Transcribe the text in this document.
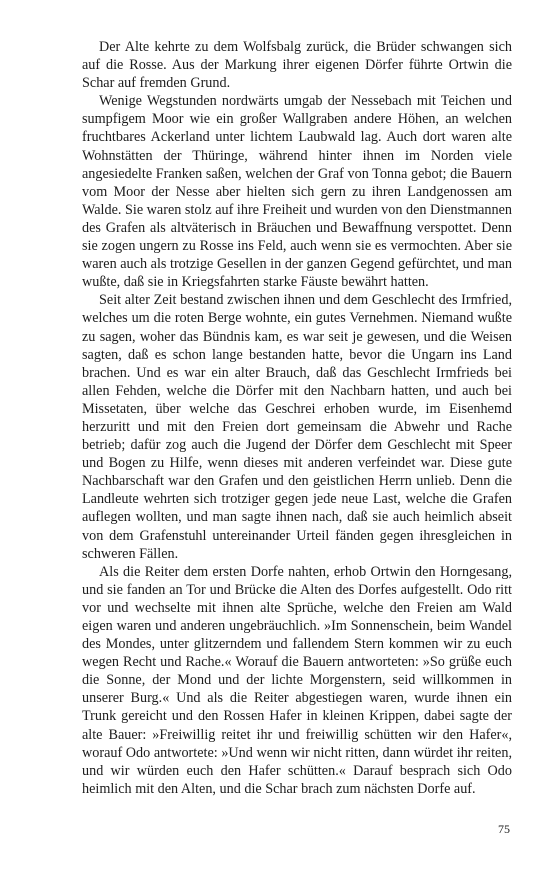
Der Alte kehrte zu dem Wolfsbalg zurück, die Brüder schwangen sich auf die Rosse. Aus der Markung ihrer eigenen Dörfer führte Ortwin die Schar auf fremden Grund.

Wenige Wegstunden nordwärts umgab der Nessebach mit Teichen und sumpfigem Moor wie ein großer Wallgraben andere Höhen, an welchen fruchtbares Ackerland unter lichtem Laubwald lag. Auch dort waren alte Wohnstätten der Thüringe, während hinter ihnen im Norden viele angesiedelte Franken saßen, welchen der Graf von Tonna gebot; die Bauern vom Moor der Nesse aber hielten sich gern zu ihren Landgenossen am Walde. Sie waren stolz auf ihre Freiheit und wurden von den Dienstmannen des Grafen als altväterisch in Bräuchen und Bewaffnung verspottet. Denn sie zogen ungern zu Rosse ins Feld, auch wenn sie es vermochten. Aber sie waren auch als trotzige Gesellen in der ganzen Gegend gefürchtet, und man wußte, daß sie in Kriegsfahrten starke Fäuste bewährt hatten.

Seit alter Zeit bestand zwischen ihnen und dem Geschlecht des Irmfried, welches um die roten Berge wohnte, ein gutes Vernehmen. Niemand wußte zu sagen, woher das Bündnis kam, es war seit je gewesen, und die Weisen sagten, daß es schon lange bestanden hatte, bevor die Ungarn ins Land brachen. Und es war ein alter Brauch, daß das Geschlecht Irmfrieds bei allen Fehden, welche die Dörfer mit den Nachbarn hatten, und auch bei Missetaten, über welche das Geschrei erhoben wurde, im Eisenhemd herzuritt und mit den Freien dort gemeinsam die Abwehr und Rache betrieb; dafür zog auch die Jugend der Dörfer dem Geschlecht mit Speer und Bogen zu Hilfe, wenn dieses mit anderen verfeindet war. Diese gute Nachbarschaft war den Grafen und den geistlichen Herrn unlieb. Denn die Landleute wehrten sich trotziger gegen jede neue Last, welche die Grafen auflegen wollten, und man sagte ihnen nach, daß sie auch heimlich abseit von dem Grafenstuhl untereinander Urteil fänden gegen ihresgleichen in schweren Fällen.

Als die Reiter dem ersten Dorfe nahten, erhob Ortwin den Horngesang, und sie fanden an Tor und Brücke die Alten des Dorfes aufgestellt. Odo ritt vor und wechselte mit ihnen alte Sprüche, welche den Freien am Wald eigen waren und anderen ungebräuchlich. »Im Sonnenschein, beim Wandel des Mondes, unter glitzerndem und fallendem Stern kommen wir zu euch wegen Recht und Rache.« Worauf die Bauern antworteten: »So grüße euch die Sonne, der Mond und der lichte Morgenstern, seid willkommen in unserer Burg.« Und als die Reiter abgestiegen waren, wurde ihnen ein Trunk gereicht und den Rossen Hafer in kleinen Krippen, dabei sagte der alte Bauer: »Freiwillig reitet ihr und freiwillig schütten wir den Hafer«, worauf Odo antwortete: »Und wenn wir nicht ritten, dann würdet ihr reiten, und wir würden euch den Hafer schütten.« Darauf besprach sich Odo heimlich mit den Alten, und die Schar brach zum nächsten Dorfe auf.

75
